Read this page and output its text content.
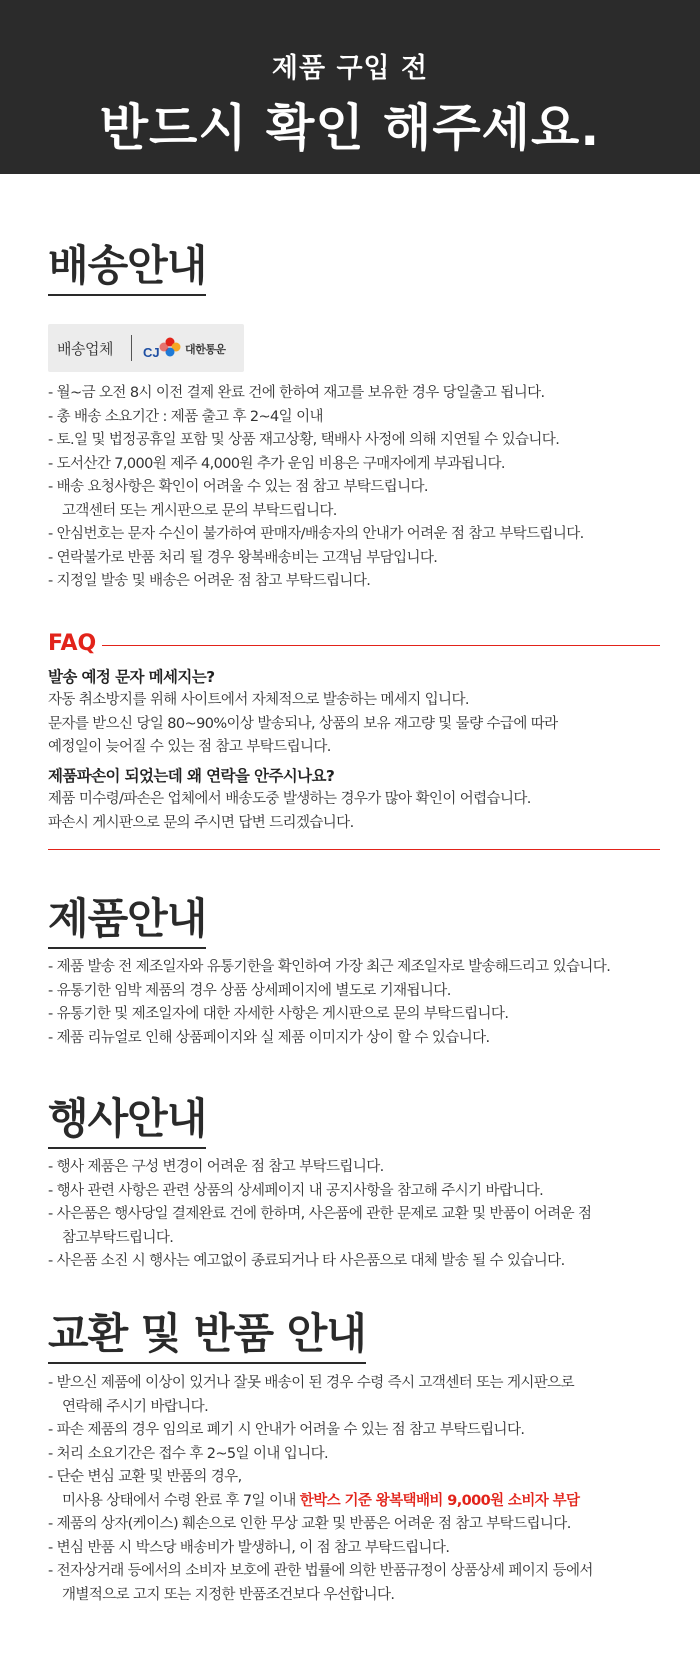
제품 구입 전
반드시 확인 해주세요.
배송안내
배송업체 CJ 대한통운
- 월~금 오전 8시 이전 결제 완료 건에 한하여 재고를 보유한 경우 당일출고 됩니다.
- 총 배송 소요기간 : 제품 출고 후 2~4일 이내
- 토.일 및 법정공휴일 포함 및 상품 재고상황, 택배사 사정에 의해 지연될 수 있습니다.
- 도서산간 7,000원 제주 4,000원 추가 운임 비용은 구매자에게 부과됩니다.
- 배송 요청사항은 확인이 어려울 수 있는 점 참고 부탁드립니다.
고객센터 또는 게시판으로 문의 부탁드립니다.
- 안심번호는 문자 수신이 불가하여 판매자/배송자의 안내가 어려운 점 참고 부탁드립니다.
- 연락불가로 반품 처리 될 경우 왕복배송비는 고객님 부담입니다.
- 지정일 발송 및 배송은 어려운 점 참고 부탁드립니다.
FAQ
발송 예정 문자 메세지는?
자동 취소방지를 위해 사이트에서 자체적으로 발송하는 메세지 입니다.
문자를 받으신 당일 80~90%이상 발송되나, 상품의 보유 재고량 및 물량 수급에 따라
예정일이 늦어질 수 있는 점 참고 부탁드립니다.
제품파손이 되었는데 왜 연락을 안주시나요?
제품 미수령/파손은 업체에서 배송도중 발생하는 경우가 많아 확인이 어렵습니다.
파손시 게시판으로 문의 주시면 답변 드리겠습니다.
제품안내
- 제품 발송 전 제조일자와 유통기한을 확인하여 가장 최근 제조일자로 발송해드리고 있습니다.
- 유통기한 임박 제품의 경우 상품 상세페이지에 별도로 기재됩니다.
- 유통기한 및 제조일자에 대한 자세한 사항은 게시판으로 문의 부탁드립니다.
- 제품 리뉴얼로 인해 상품페이지와 실 제품 이미지가 상이 할 수 있습니다.
행사안내
- 행사 제품은 구성 변경이 어려운 점 참고 부탁드립니다.
- 행사 관련 사항은 관련 상품의 상세페이지 내 공지사항을 참고해 주시기 바랍니다.
- 사은품은 행사당일 결제완료 건에 한하며, 사은품에 관한 문제로 교환 및 반품이 어려운 점
참고부탁드립니다.
- 사은품 소진 시 행사는 예고없이 종료되거나 타 사은품으로 대체 발송 될 수 있습니다.
교환 및 반품 안내
- 받으신 제품에 이상이 있거나 잘못 배송이 된 경우 수령 즉시 고객센터 또는 게시판으로
연락해 주시기 바랍니다.
- 파손 제품의 경우 임의로 폐기 시 안내가 어려울 수 있는 점 참고 부탁드립니다.
- 처리 소요기간은 접수 후 2~5일 이내 입니다.
- 단순 변심 교환 및 반품의 경우,
미사용 상태에서 수령 완료 후 7일 이내 한박스 기준 왕복택배비 9,000원 소비자 부담
- 제품의 상자(케이스) 훼손으로 인한 무상 교환 및 반품은 어려운 점 참고 부탁드립니다.
- 변심 반품 시 박스당 배송비가 발생하니, 이 점 참고 부탁드립니다.
- 전자상거래 등에서의 소비자 보호에 관한 법률에 의한 반품규정이 상품상세 페이지 등에서
개별적으로 고지 또는 지정한 반품조건보다 우선합니다.
